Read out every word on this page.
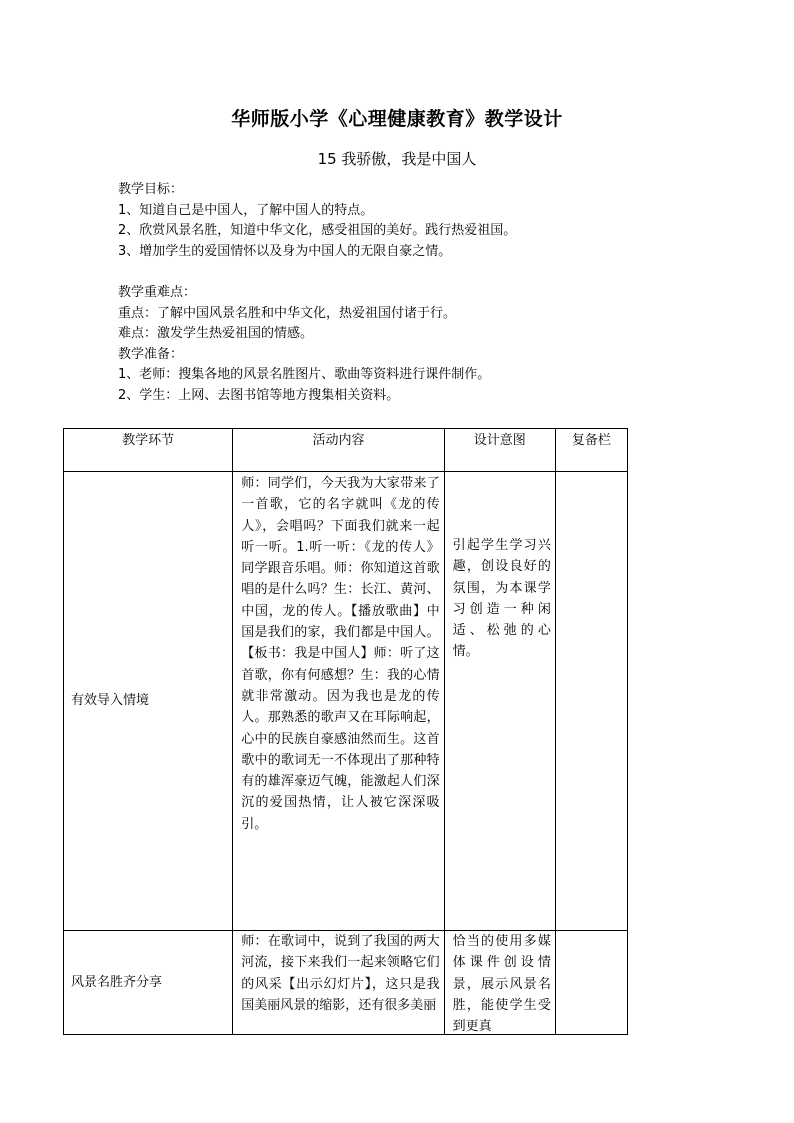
华师版小学《心理健康教育》教学设计
15 我骄傲，我是中国人
教学目标：
1、知道自己是中国人，了解中国人的特点。
2、欣赏风景名胜，知道中华文化，感受祖国的美好。践行热爱祖国。
3、增加学生的爱国情怀以及身为中国人的无限自豪之情。
教学重难点：
重点：了解中国风景名胜和中华文化，热爱祖国付诸于行。
难点：激发学生热爱祖国的情感。
教学准备：
1、老师：搜集各地的风景名胜图片、歌曲等资料进行课件制作。
2、学生：上网、去图书馆等地方搜集相关资料。
教学环节	活动内容	设计意图	复备栏

有效导入情境	师：同学们，今天我为大家带来了一首歌，它的名字就叫《龙的传人》，会唱吗？下面我们就来一起听一听。1.听一听：《龙的传人》 同学跟音乐唱。师：你知道这首歌唱的是什么吗？生：长江、黄河、中国，龙的传人。【播放歌曲】中国是我们的家，我们都是中国人。【板书：我是中国人】师：听了这首歌，你有何感想？生：我的心情就非常激动。因为我也是龙的传人。那熟悉的歌声又在耳际响起，心中的民族自豪感油然而生。这首歌中的歌词无一不体现出了那种特有的雄浑豪迈气魄，能激起人们深沉的爱国热情，让人被它深深吸引。	引起学生学习兴趣，创设良好的氛围，为本课学习创造一种闲适、松弛的心情。	

风景名胜齐分享	师：在歌词中，说到了我国的两大河流，接下来我们一起来领略它们的风采【出示幻灯片】，这只是我国美丽风景的缩影，还有很多美丽	恰当的使用多媒体课件创设情景，展示风景名胜，能使学生受到更真	
